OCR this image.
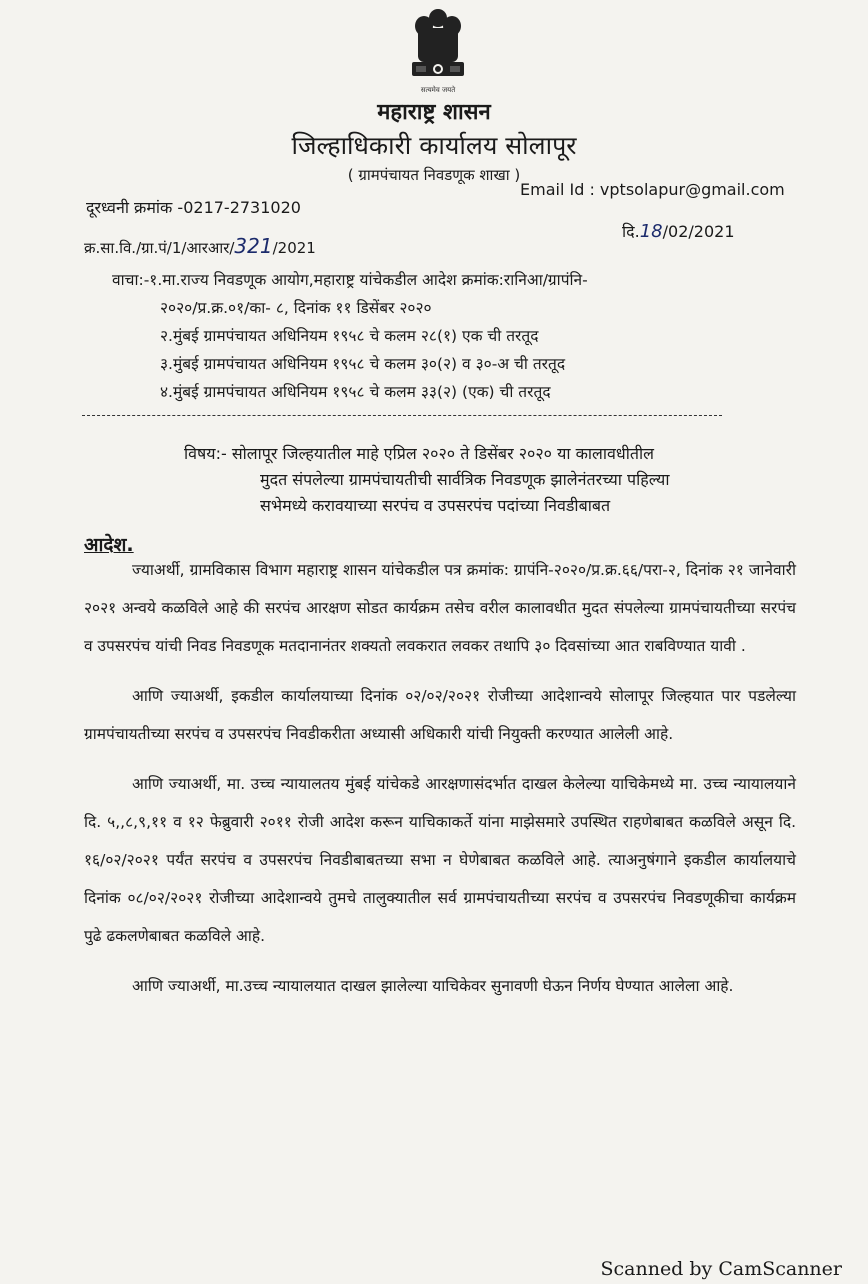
सत्यमेव जयते
महाराष्ट्र शासन
जिल्हाधिकारी कार्यालय सोलापूर
( ग्रामपंचायत निवडणूक शाखा )
दूरध्वनी क्रमांक -0217-2731020
Email Id : vptsolapur@gmail.com
क्र.सा.वि./ग्रा.पं/1/आरआर/321/2021
दि.18/02/2021
वाचा:-१.मा.राज्य निवडणूक आयोग,महाराष्ट्र यांचेकडील आदेश क्रमांक:रानिआ/ग्रापंनि-
२०२०/प्र.क्र.०१/का- ८, दिनांक ११ डिसेंबर २०२०
२.मुंबई ग्रामपंचायत अधिनियम १९५८ चे कलम २८(१) एक ची तरतूद
३.मुंबई ग्रामपंचायत अधिनियम १९५८ चे कलम ३०(२) व ३०-अ ची तरतूद
४.मुंबई ग्रामपंचायत अधिनियम १९५८ चे कलम ३३(२) (एक) ची तरतूद
विषय:- सोलापूर जिल्हयातील माहे एप्रिल २०२० ते डिसेंबर २०२० या कालावधीतील
मुदत संपलेल्या ग्रामपंचायतीची सार्वत्रिक निवडणूक झालेनंतरच्या पहिल्या
सभेमध्ये करावयाच्या सरपंच व उपसरपंच पदांच्या निवडीबाबत
आदेश.

ज्याअर्थी, ग्रामविकास विभाग महाराष्ट्र शासन यांचेकडील पत्र क्रमांक: ग्रापंनि-२०२०/प्र.क्र.६६/परा-२, दिनांक २१ जानेवारी २०२१ अन्वये कळविले आहे की सरपंच आरक्षण सोडत कार्यक्रम तसेच वरील कालावधीत मुदत संपलेल्या ग्रामपंचायतीच्या सरपंच व उपसरपंच यांची निवड निवडणूक मतदानानंतर शक्यतो लवकरात लवकर तथापि ३० दिवसांच्या आत राबविण्यात यावी .

आणि ज्याअर्थी, इकडील कार्यालयाच्या दिनांक ०२/०२/२०२१ रोजीच्या आदेशान्वये सोलापूर जिल्हयात पार पडलेल्या ग्रामपंचायतीच्या सरपंच व उपसरपंच निवडीकरीता अध्यासी अधिकारी यांची नियुक्ती करण्यात आलेली आहे.

आणि ज्याअर्थी, मा. उच्च न्यायालतय मुंबई यांचेकडे आरक्षणासंदर्भात दाखल केलेल्या याचिकेमध्ये मा. उच्च न्यायालयाने दि. ५,,८,९,११ व १२ फेब्रुवारी २०११ रोजी आदेश करून याचिकाकर्ते यांना माझेसमारे उपस्थित राहणेबाबत कळविले असून दि. १६/०२/२०२१ पर्यंत सरपंच व उपसरपंच निवडीबाबतच्या सभा न घेणेबाबत कळविले आहे. त्याअनुषंगाने इकडील कार्यालयाचे दिनांक ०८/०२/२०२१ रोजीच्या आदेशान्वये तुमचे तालुक्यातील सर्व ग्रामपंचायतीच्या सरपंच व उपसरपंच निवडणूकीचा कार्यक्रम पुढे ढकलणेबाबत कळविले आहे.

आणि ज्याअर्थी, मा.उच्च न्यायालयात दाखल झालेल्या याचिकेवर सुनावणी घेऊन निर्णय घेण्यात आलेला आहे.

Scanned by CamScanner
